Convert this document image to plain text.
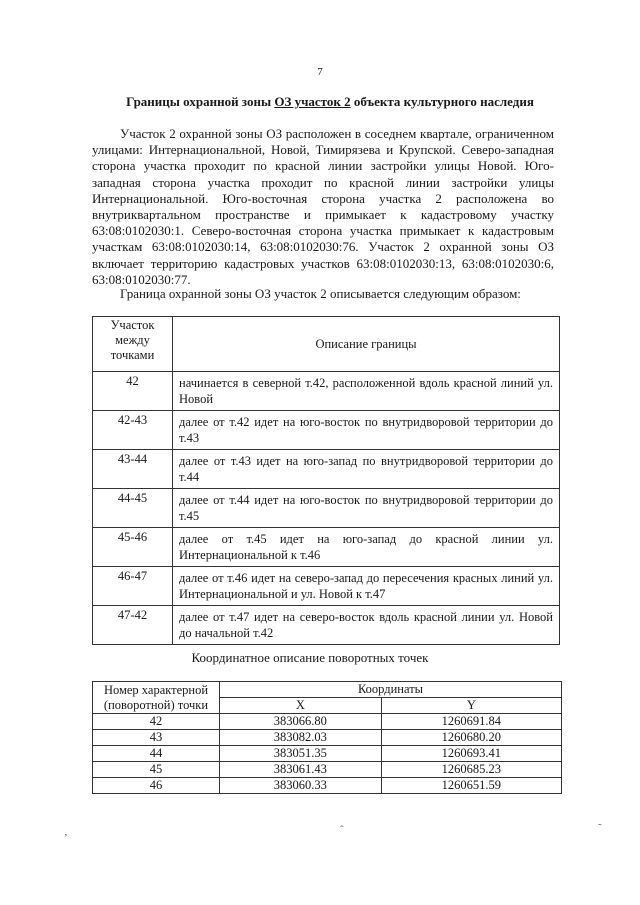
7
Границы охранной зоны ОЗ участок 2 объекта культурного наследия
Участок 2 охранной зоны ОЗ расположен в соседнем квартале, ограниченном улицами: Интернациональной, Новой, Тимирязева и Крупской. Северо-западная сторона участка проходит по красной линии застройки улицы Новой. Юго-западная сторона участка проходит по красной линии застройки улицы Интернациональной. Юго-восточная сторона участка 2 расположена во внутриквартальном пространстве и примыкает к кадастровому участку 63:08:0102030:1. Северо-восточная сторона участка примыкает к кадастровым участкам 63:08:0102030:14, 63:08:0102030:76. Участок 2 охранной зоны ОЗ включает территорию кадастровых участков 63:08:0102030:13, 63:08:0102030:6, 63:08:0102030:77.
Граница охранной зоны ОЗ участок 2 описывается следующим образом:
Участок между точками	Описание границы
42	начинается в северной т.42, расположенной вдоль красной линий ул. Новой
42-43	далее от т.42 идет на юго-восток по внутридворовой территории до т.43
43-44	далее от т.43 идет на юго-запад по внутридворовой территории до т.44
44-45	далее от т.44 идет на юго-восток по внутридворовой территории до т.45
45-46	далее от т.45 идет на юго-запад до красной линии ул. Интернациональной к т.46
46-47	далее от т.46 идет на северо-запад до пересечения красных линий ул. Интернациональной и ул. Новой к т.47
47-42	далее от т.47 идет на северо-восток вдоль красной линии ул. Новой до начальной т.42
Координатное описание поворотных точек
Номер характерной (поворотной) точки	Координаты	
	X	Y
42	383066.80	1260691.84
43	383082.03	1260680.20
44	383051.35	1260693.41
45	383061.43	1260685.23
46	383060.33	1260651.59
‚	ˆ	˜
